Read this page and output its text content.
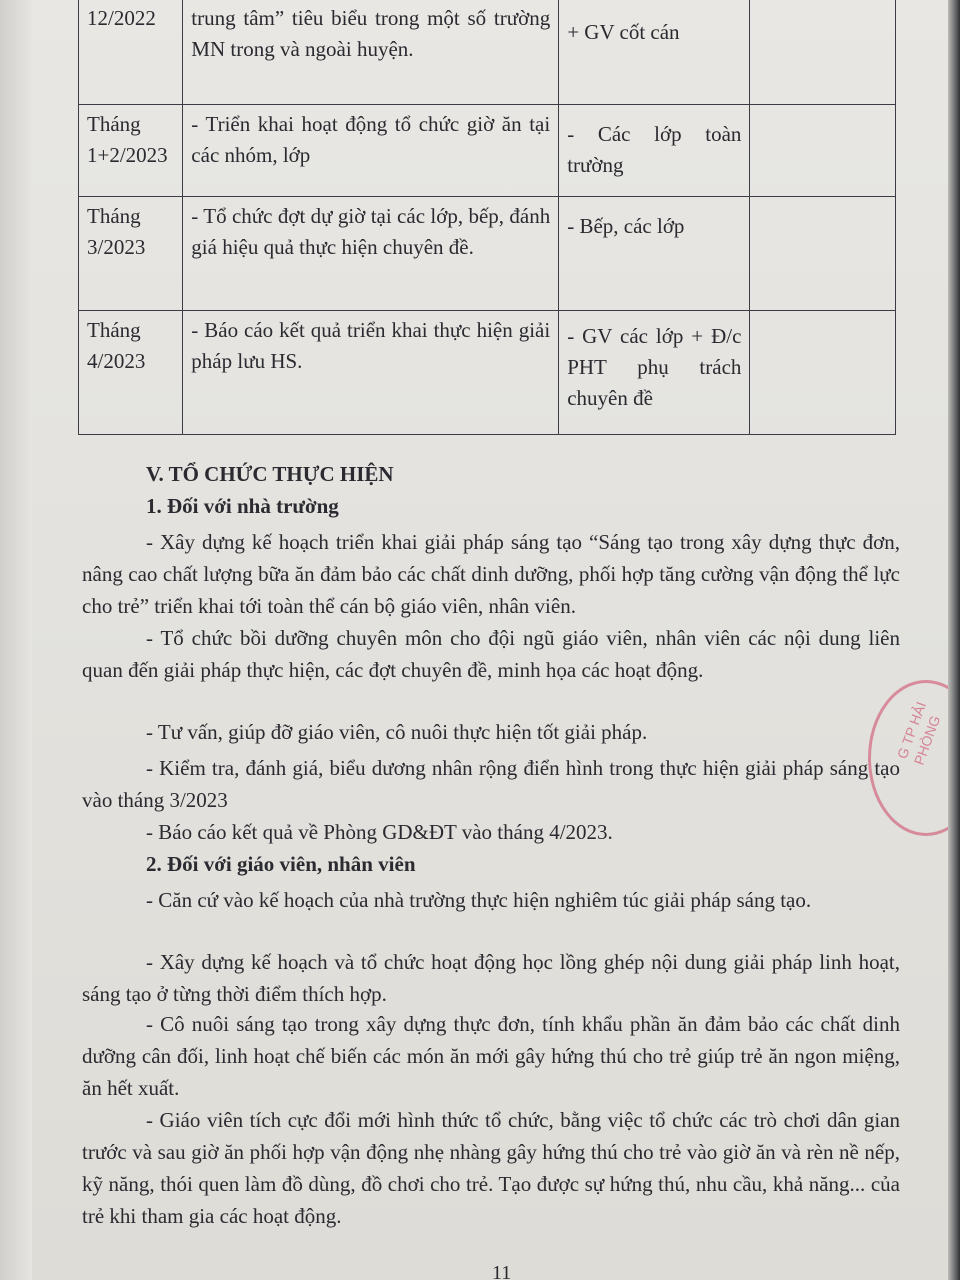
12/2022	trung tâm” tiêu biểu trong một số trường MN trong và ngoài huyện.	+ GV cốt cán	
Tháng 1+2/2023	- Triển khai hoạt động tổ chức giờ ăn tại các nhóm, lớp	- Các lớp toàn trường	
Tháng 3/2023	- Tổ chức đợt dự giờ tại các lớp, bếp, đánh giá hiệu quả thực hiện chuyên đề.	- Bếp, các lớp	
Tháng 4/2023	- Báo cáo kết quả triển khai thực hiện giải pháp lưu HS.	- GV các lớp + Đ/c PHT phụ trách chuyên đề	
V. TỔ CHỨC THỰC HIỆN
1. Đối với nhà trường

- Xây dựng kế hoạch triển khai giải pháp sáng tạo “Sáng tạo trong xây dựng thực đơn, nâng cao chất lượng bữa ăn đảm bảo các chất dinh dưỡng, phối hợp tăng cường vận động thể lực cho trẻ” triển khai tới toàn thể cán bộ giáo viên, nhân viên.

- Tổ chức bồi dưỡng chuyên môn cho đội ngũ giáo viên, nhân viên các nội dung liên quan đến giải pháp thực hiện, các đợt chuyên đề, minh họa các hoạt động.

- Tư vấn, giúp đỡ giáo viên, cô nuôi thực hiện tốt giải pháp.

- Kiểm tra, đánh giá, biểu dương nhân rộng điển hình trong thực hiện giải pháp sáng tạo vào tháng 3/2023

- Báo cáo kết quả về Phòng GD&ĐT vào tháng 4/2023.

2. Đối với giáo viên, nhân viên

- Căn cứ vào kế hoạch của nhà trường thực hiện nghiêm túc giải pháp sáng tạo.

- Xây dựng kế hoạch và tổ chức hoạt động học lồng ghép nội dung giải pháp linh hoạt, sáng tạo ở từng thời điểm thích hợp.

- Cô nuôi sáng tạo trong xây dựng thực đơn, tính khẩu phần ăn đảm bảo các chất dinh dưỡng cân đối, linh hoạt chế biến các món ăn mới gây hứng thú cho trẻ giúp trẻ ăn ngon miệng, ăn hết xuất.

- Giáo viên tích cực đổi mới hình thức tổ chức, bằng việc tổ chức các trò chơi dân gian trước và sau giờ ăn phối hợp vận động nhẹ nhàng gây hứng thú cho trẻ vào giờ ăn và rèn nề nếp, kỹ năng, thói quen làm đồ dùng, đồ chơi cho trẻ. Tạo được sự hứng thú, nhu cầu, khả năng... của trẻ khi tham gia các hoạt động.

G TP HẢI PHÒNG
11
